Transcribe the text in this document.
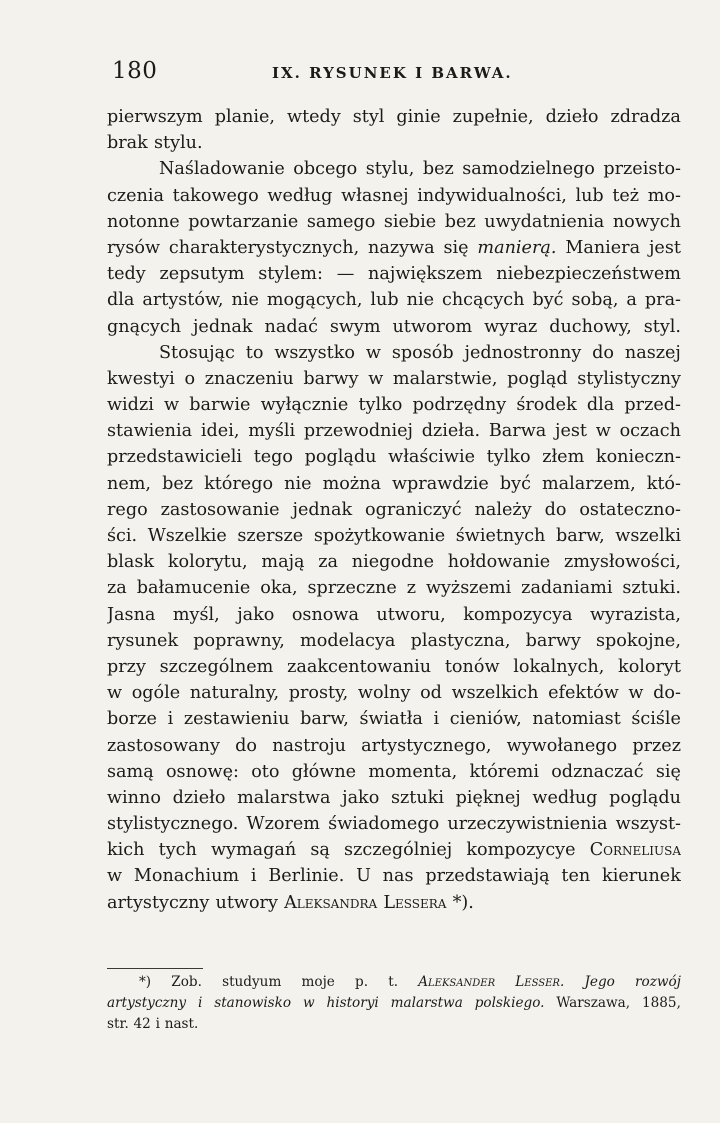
180	IX. RYSUNEK I BARWA.
pierwszym planie, wtedy styl ginie zupełnie, dzieło zdradza
brak stylu.
Naśladowanie obcego stylu, bez samodzielnego przeisto-
czenia takowego według własnej indywidualności, lub też mo-
notonne powtarzanie samego siebie bez uwydatnienia nowych
rysów charakterystycznych, nazywa się manierą. Maniera jest
tedy zepsutym stylem: — największem niebezpieczeństwem
dla artystów, nie mogących, lub nie chcących być sobą, a pra-
gnących jednak nadać swym utworom wyraz duchowy, styl.
Stosując to wszystko w sposób jednostronny do naszej
kwestyi o znaczeniu barwy w malarstwie, pogląd stylistyczny
widzi w barwie wyłącznie tylko podrzędny środek dla przed-
stawienia idei, myśli przewodniej dzieła. Barwa jest w oczach
przedstawicieli tego poglądu właściwie tylko złem konieczn-
nem, bez którego nie można wprawdzie być malarzem, któ-
rego zastosowanie jednak ograniczyć należy do ostateczno-
ści. Wszelkie szersze spożytkowanie świetnych barw, wszelki
blask kolorytu, mają za niegodne hołdowanie zmysłowości,
za bałamucenie oka, sprzeczne z wyższemi zadaniami sztuki.
Jasna myśl, jako osnowa utworu, kompozycya wyrazista,
rysunek poprawny, modelacya plastyczna, barwy spokojne,
przy szczególnem zaakcentowaniu tonów lokalnych, koloryt
w ogóle naturalny, prosty, wolny od wszelkich efektów w do-
borze i zestawieniu barw, światła i cieniów, natomiast ściśle
zastosowany do nastroju artystycznego, wywołanego przez
samą osnowę: oto główne momenta, któremi odznaczać się
winno dzieło malarstwa jako sztuki pięknej według poglądu
stylistycznego. Wzorem świadomego urzeczywistnienia wszyst-
kich tych wymagań są szczególniej kompozycye Corneliusa
w Monachium i Berlinie. U nas przedstawiają ten kierunek
artystyczny utwory Aleksandra Lessera *).
*) Zob. studyum moje p. t. Aleksander Lesser. Jego rozwój
artystyczny i stanowisko w historyi malarstwa polskiego. Warszawa, 1885,
str. 42 i nast.
